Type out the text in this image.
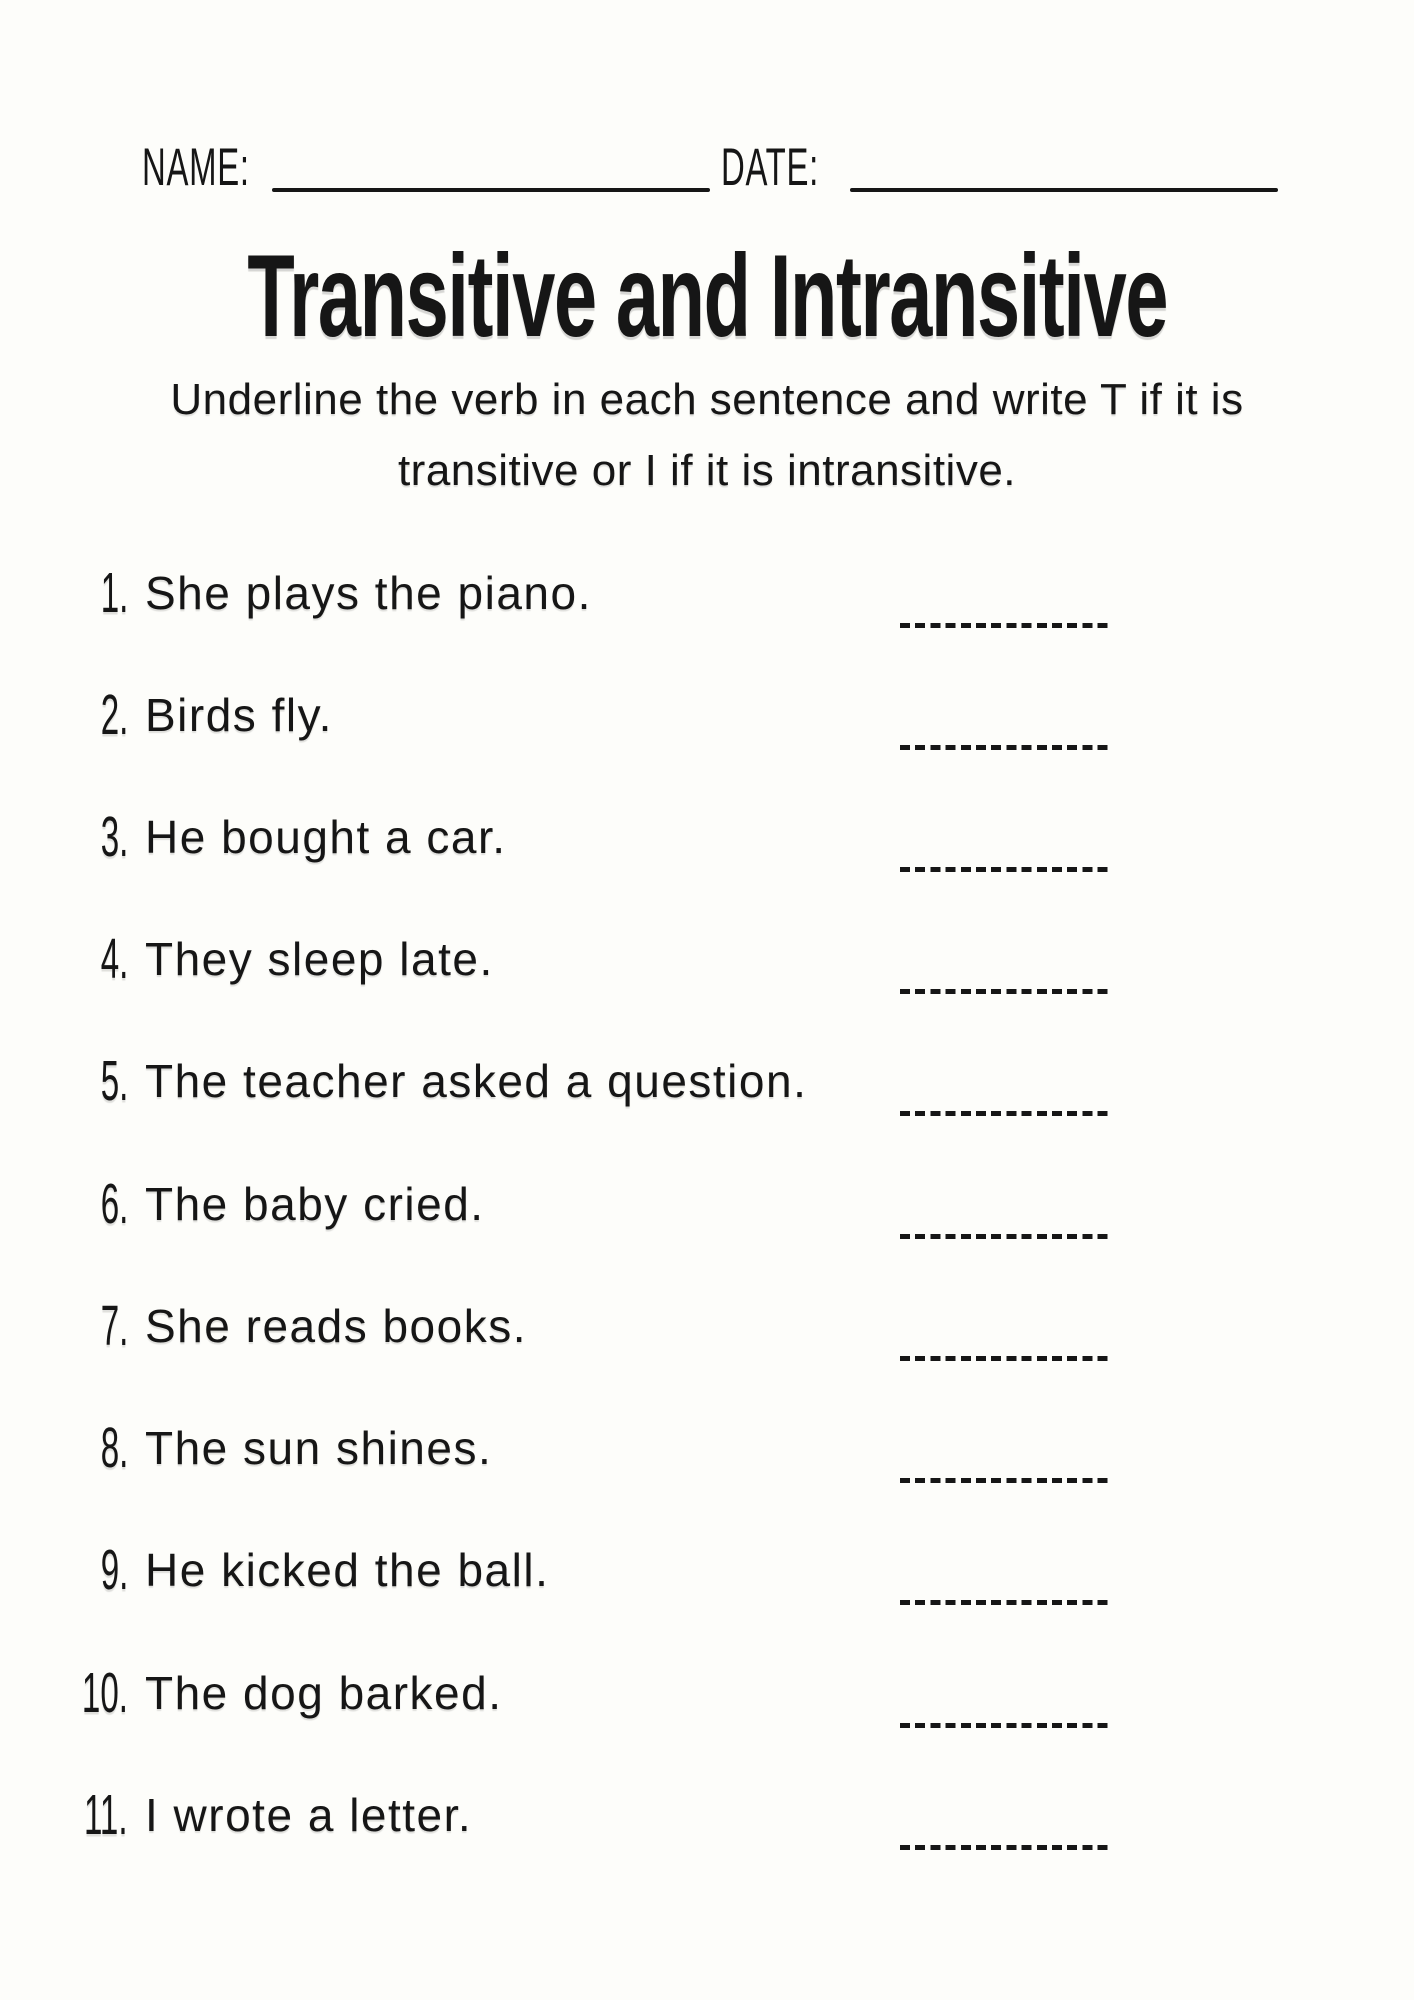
NAME:	DATE:
Transitive and Intransitive
Underline the verb in each sentence and write T if it is
transitive or I if it is intransitive.
1. She plays the piano.
2. Birds fly.
3. He bought a car.
4. They sleep late.
5. The teacher asked a question.
6. The baby cried.
7. She reads books.
8. The sun shines.
9. He kicked the ball.
10. The dog barked.
11. I wrote a letter.
